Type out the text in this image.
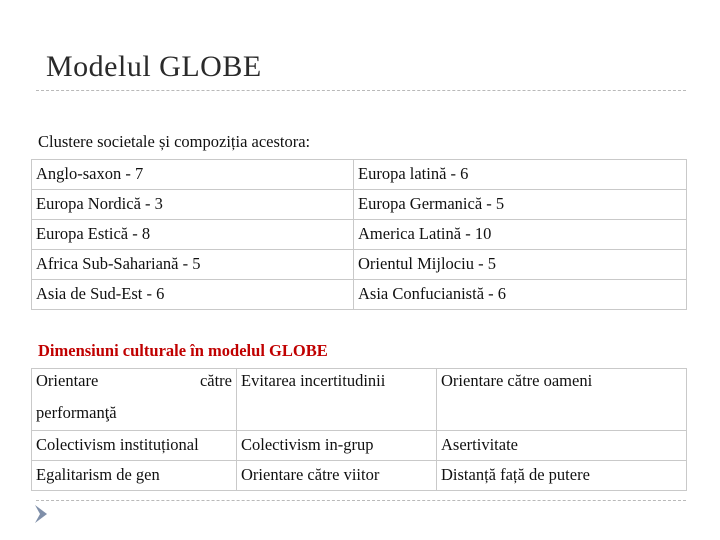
Modelul GLOBE
Clustere societale și compoziția acestora:
Anglo-saxon - 7	Europa latină - 6
Europa Nordică - 3	Europa Germanică - 5
Europa Estică - 8	America Latină - 10
Africa Sub-Sahariană - 5	Orientul Mijlociu - 5
Asia de Sud-Est - 6	Asia Confucianistă - 6
Dimensiuni culturale în modelul GLOBE
Orientare către
performanţă	Evitarea incertitudinii	Orientare către oameni
Colectivism instituțional	Colectivism in-grup	Asertivitate
Egalitarism de gen	Orientare către viitor	Distanță față de putere
